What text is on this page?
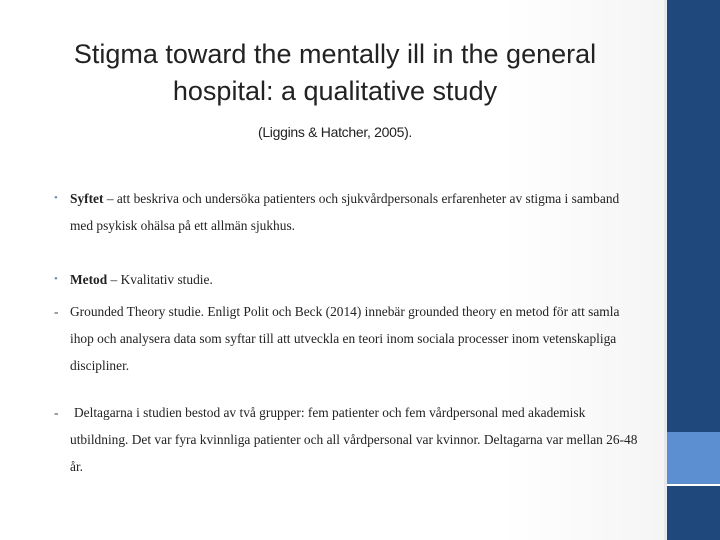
Stigma toward the mentally ill in the general hospital: a qualitative study
(Liggins & Hatcher, 2005).
• Syftet – att beskriva och undersöka patienters och sjukvårdpersonals erfarenheter av stigma i samband med psykisk ohälsa på ett allmän sjukhus.
• Metod – Kvalitativ studie.
- Grounded Theory studie. Enligt Polit och Beck (2014) innebär grounded theory en metod för att samla ihop och analysera data som syftar till att utveckla en teori inom sociala processer inom vetenskapliga discipliner.
- Deltagarna i studien bestod av två grupper: fem patienter och fem vårdpersonal med akademisk utbildning. Det var fyra kvinnliga patienter och all vårdpersonal var kvinnor. Deltagarna var mellan 26-48 år.
